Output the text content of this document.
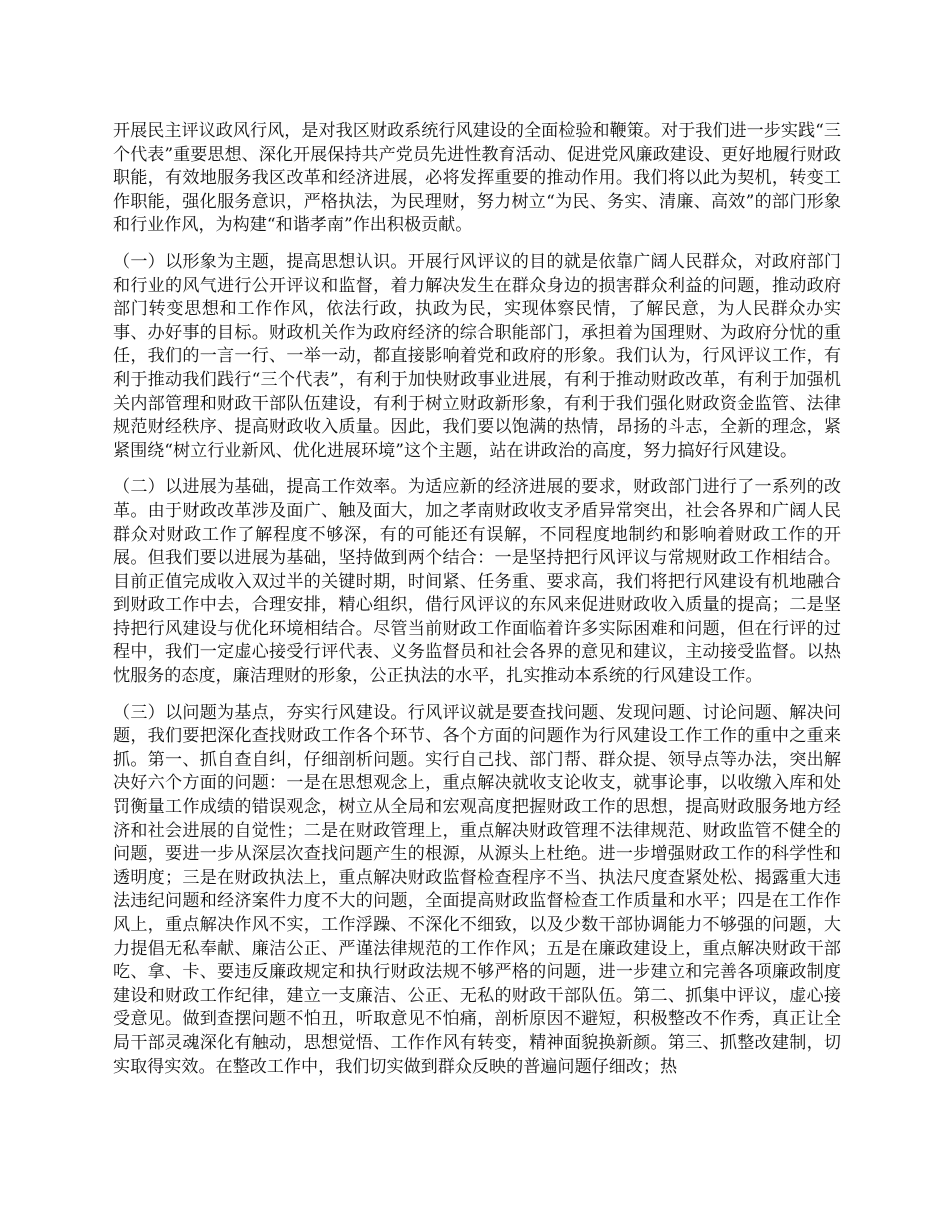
开展民主评议政风行风，是对我区财政系统行风建设的全面检验和鞭策。对于我们进一步实践“三个代表”重要思想、深化开展保持共产党员先进性教育活动、促进党风廉政建设、更好地履行财政职能，有效地服务我区改革和经济进展，必将发挥重要的推动作用。我们将以此为契机，转变工作职能，强化服务意识，严格执法，为民理财，努力树立“为民、务实、清廉、高效”的部门形象和行业作风，为构建“和谐孝南”作出积极贡献。

（一）以形象为主题，提高思想认识。开展行风评议的目的就是依靠广阔人民群众，对政府部门和行业的风气进行公开评议和监督，着力解决发生在群众身边的损害群众利益的问题，推动政府部门转变思想和工作作风，依法行政，执政为民，实现体察民情，了解民意，为人民群众办实事、办好事的目标。财政机关作为政府经济的综合职能部门，承担着为国理财、为政府分忧的重任，我们的一言一行、一举一动，都直接影响着党和政府的形象。我们认为，行风评议工作，有利于推动我们践行“三个代表”，有利于加快财政事业进展，有利于推动财政改革，有利于加强机关内部管理和财政干部队伍建设，有利于树立财政新形象，有利于我们强化财政资金监管、法律规范财经秩序、提高财政收入质量。因此，我们要以饱满的热情，昂扬的斗志，全新的理念，紧紧围绕“树立行业新风、优化进展环境”这个主题，站在讲政治的高度，努力搞好行风建设。

（二）以进展为基础，提高工作效率。为适应新的经济进展的要求，财政部门进行了一系列的改革。由于财政改革涉及面广、触及面大，加之孝南财政收支矛盾异常突出，社会各界和广阔人民群众对财政工作了解程度不够深，有的可能还有误解，不同程度地制约和影响着财政工作的开展。但我们要以进展为基础，坚持做到两个结合：一是坚持把行风评议与常规财政工作相结合。目前正值完成收入双过半的关键时期，时间紧、任务重、要求高，我们将把行风建设有机地融合到财政工作中去，合理安排，精心组织，借行风评议的东风来促进财政收入质量的提高；二是坚持把行风建设与优化环境相结合。尽管当前财政工作面临着许多实际困难和问题，但在行评的过程中，我们一定虚心接受行评代表、义务监督员和社会各界的意见和建议，主动接受监督。以热忱服务的态度，廉洁理财的形象，公正执法的水平，扎实推动本系统的行风建设工作。

（三）以问题为基点，夯实行风建设。行风评议就是要查找问题、发现问题、讨论问题、解决问题，我们要把深化查找财政工作各个环节、各个方面的问题作为行风建设工作工作的重中之重来抓。第一、抓自查自纠，仔细剖析问题。实行自己找、部门帮、群众提、领导点等办法，突出解决好六个方面的问题：一是在思想观念上，重点解决就收支论收支，就事论事，以收缴入库和处罚衡量工作成绩的错误观念，树立从全局和宏观高度把握财政工作的思想，提高财政服务地方经济和社会进展的自觉性；二是在财政管理上，重点解决财政管理不法律规范、财政监管不健全的问题，要进一步从深层次查找问题产生的根源，从源头上杜绝。进一步增强财政工作的科学性和透明度；三是在财政执法上，重点解决财政监督检查程序不当、执法尺度查紧处松、揭露重大违法违纪问题和经济案件力度不大的问题，全面提高财政监督检查工作质量和水平；四是在工作作风上，重点解决作风不实，工作浮躁、不深化不细致，以及少数干部协调能力不够强的问题，大力提倡无私奉献、廉洁公正、严谨法律规范的工作作风；五是在廉政建设上，重点解决财政干部吃、拿、卡、要违反廉政规定和执行财政法规不够严格的问题，进一步建立和完善各项廉政制度建设和财政工作纪律，建立一支廉洁、公正、无私的财政干部队伍。第二、抓集中评议，虚心接受意见。做到查摆问题不怕丑，听取意见不怕痛，剖析原因不避短，积极整改不作秀，真正让全局干部灵魂深化有触动，思想觉悟、工作作风有转变，精神面貌换新颜。第三、抓整改建制，切实取得实效。在整改工作中，我们切实做到群众反映的普遍问题仔细改；热
